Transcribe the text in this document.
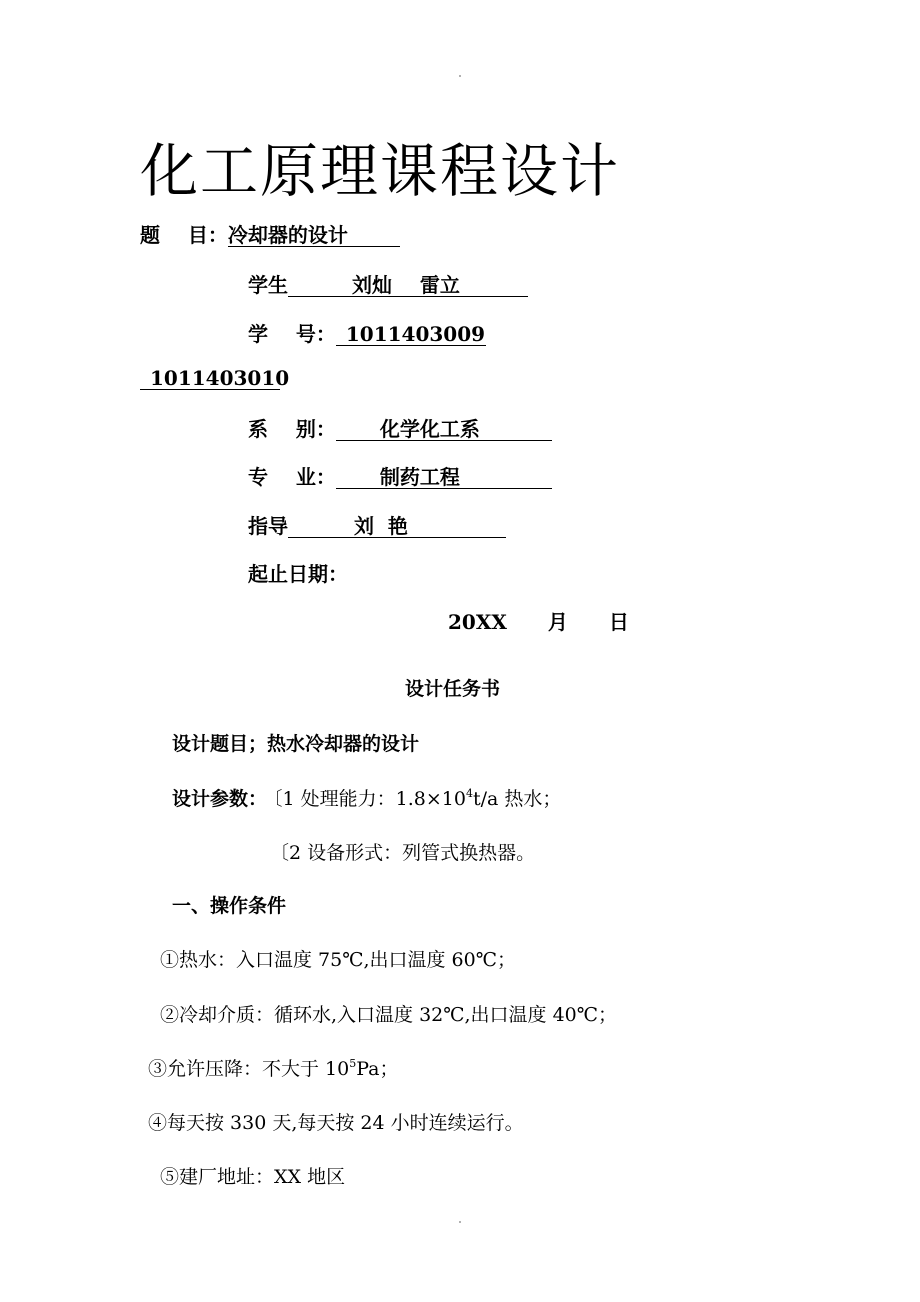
化工原理课程设计
题    目：冷却器的设计
学生	刘灿    雷立
学    号： 1011403009
1011403010
系    别： 化学化工系
专    业： 制药工程
指导	刘  艳
起止日期：
20XX 月 日
设计任务书
设计题目；热水冷却器的设计
设计参数： 〔1 处理能力：$1.8\times 10^4t/a$ 热水；
〔2 设备形式：列管式换热器。
一、操作条件
①热水：入口温度 75℃,出口温度 60℃；
②冷却介质：循环水,入口温度 32℃,出口温度 40℃；
③允许压降：不大于 $10^5Pa$；
④每天按 330 天,每天按 24 小时连续运行。
⑤建厂地址：XX 地区
